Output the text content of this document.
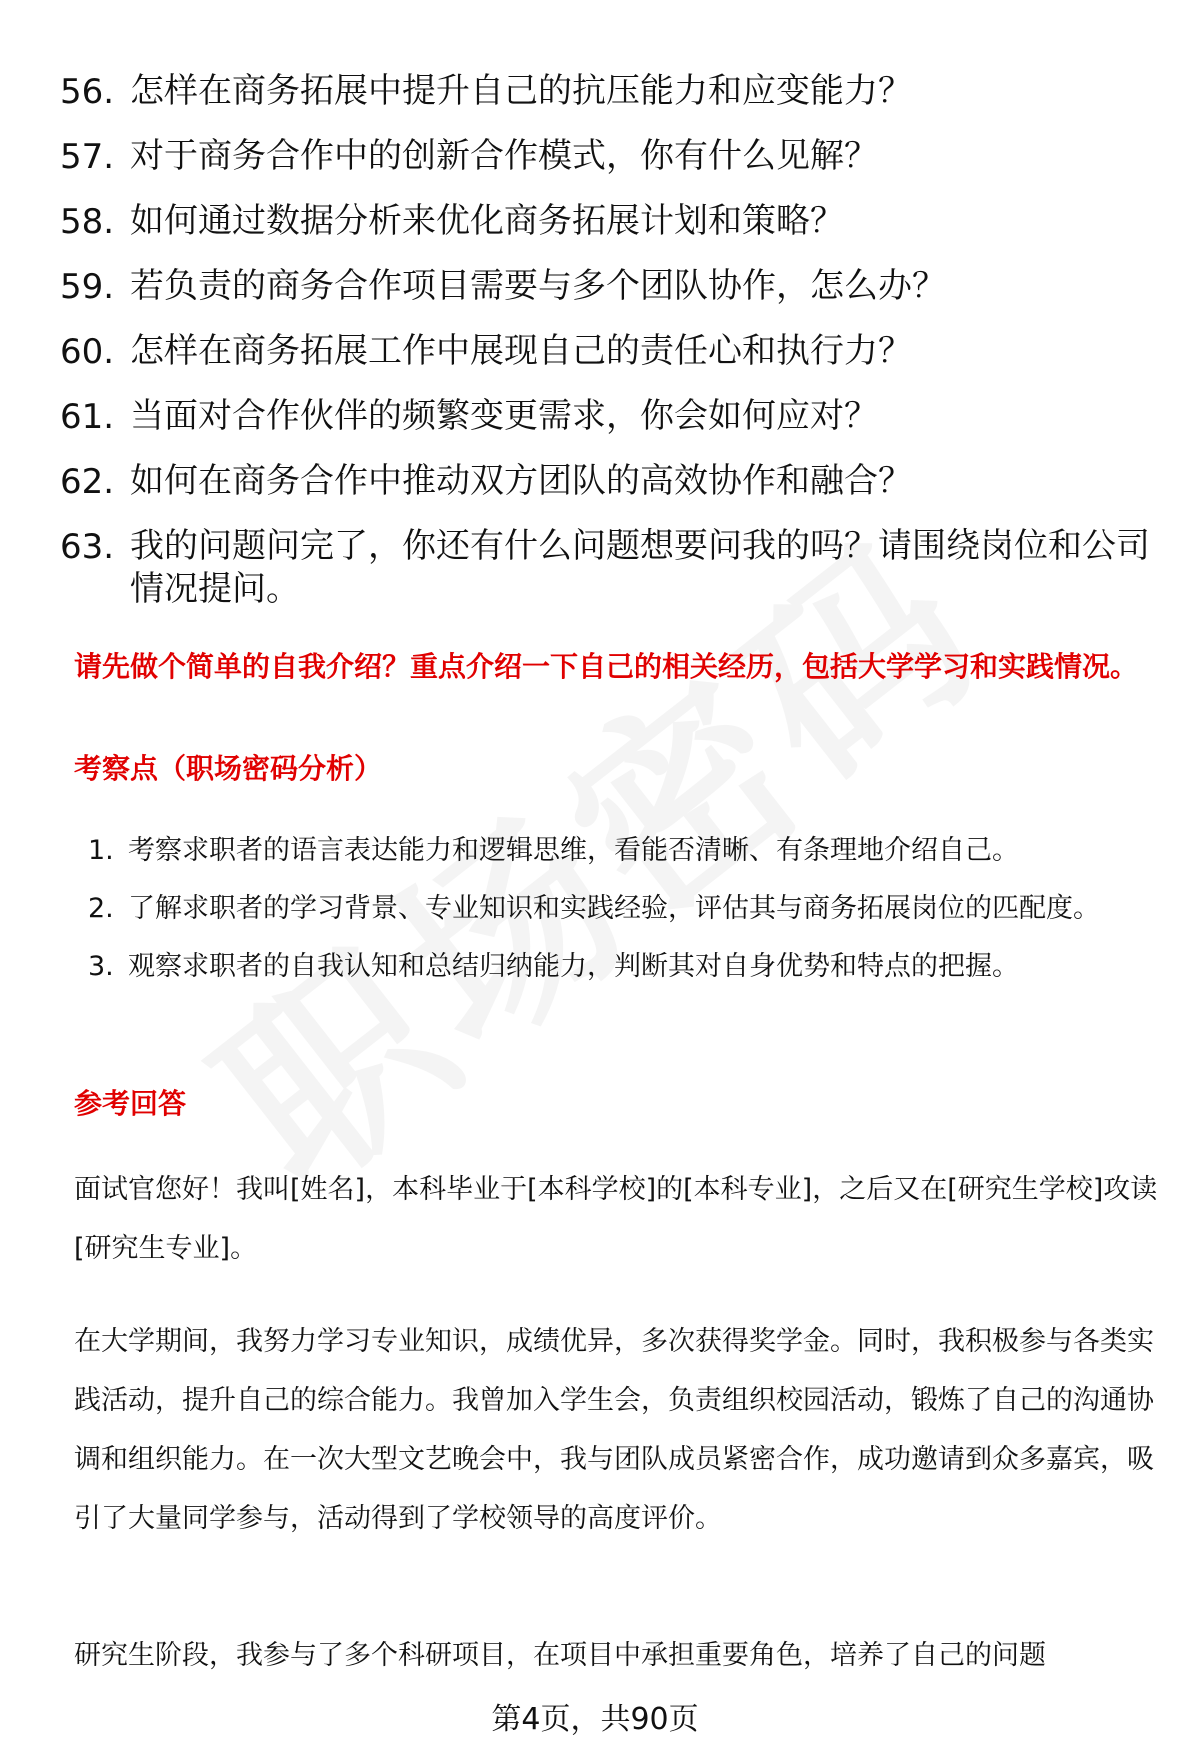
56. 怎样在商务拓展中提升自己的抗压能力和应变能力？
57. 对于商务合作中的创新合作模式，你有什么见解？
58. 如何通过数据分析来优化商务拓展计划和策略？
59. 若负责的商务合作项目需要与多个团队协作，怎么办？
60. 怎样在商务拓展工作中展现自己的责任心和执行力？
61. 当面对合作伙伴的频繁变更需求，你会如何应对？
62. 如何在商务合作中推动双方团队的高效协作和融合？
63. 我的问题问完了，你还有什么问题想要问我的吗？请围绕岗位和公司情况提问。
请先做个简单的自我介绍？重点介绍一下自己的相关经历，包括大学学习和实践情况。
考察点（职场密码分析）
1. 考察求职者的语言表达能力和逻辑思维，看能否清晰、有条理地介绍自己。
2. 了解求职者的学习背景、专业知识和实践经验，评估其与商务拓展岗位的匹配度。
3. 观察求职者的自我认知和总结归纳能力，判断其对自身优势和特点的把握。
参考回答

面试官您好！我叫[姓名]，本科毕业于[本科学校]的[本科专业]，之后又在[研究生学校]攻读[研究生专业]。

在大学期间，我努力学习专业知识，成绩优异，多次获得奖学金。同时，我积极参与各类实践活动，提升自己的综合能力。我曾加入学生会，负责组织校园活动，锻炼了自己的沟通协调和组织能力。在一次大型文艺晚会中，我与团队成员紧密合作，成功邀请到众多嘉宾，吸引了大量同学参与，活动得到了学校领导的高度评价。

研究生阶段，我参与了多个科研项目，在项目中承担重要角色，培养了自己的问题

第4页，共90页
